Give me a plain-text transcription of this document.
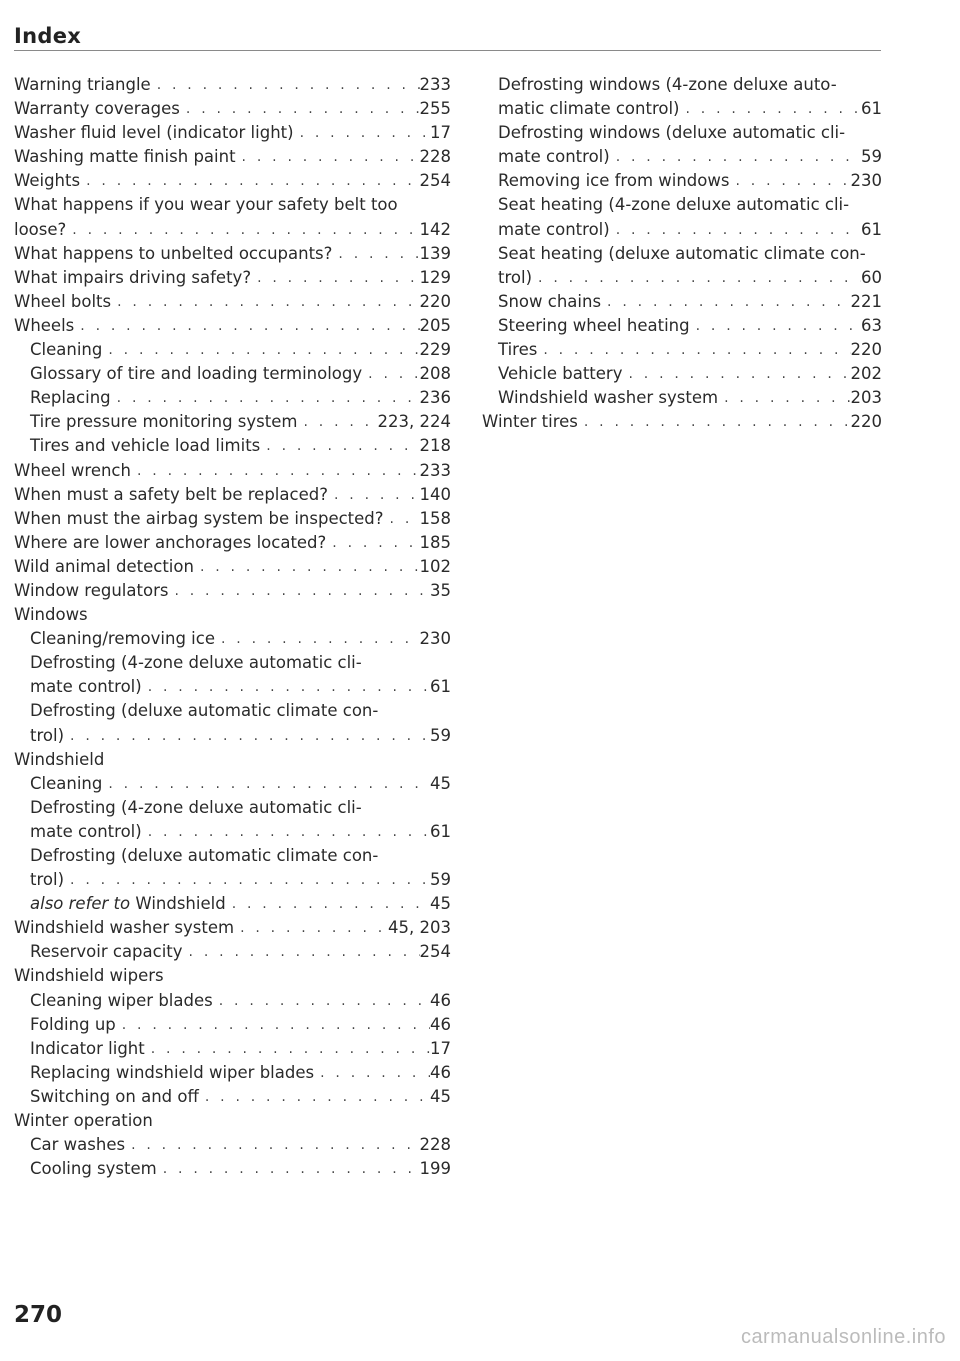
Index
Warning triangle . . .	233
Warranty coverages . . .	255
Washer fluid level (indicator light) . . .	17
Washing matte finish paint . . .	228
Weights . . .	254
What happens if you wear your safety belt too
loose? . . .	142
What happens to unbelted occupants? . . .	139
What impairs driving safety? . . .	129
Wheel bolts . . .	220
Wheels . . .	205
Cleaning . . .	229
Glossary of tire and loading terminology . . .	208
Replacing . . .	236
Tire pressure monitoring system . . .	223, 224
Tires and vehicle load limits . . .	218
Wheel wrench . . .	233
When must a safety belt be replaced? . . .	140
When must the airbag system be inspected? . . . 158
Where are lower anchorages located? . . .	185
Wild animal detection . . .	102
Window regulators . . .	35
Windows
Cleaning/removing ice . . .	230
Defrosting (4-zone deluxe automatic cli-
mate control) . . .	61
Defrosting (deluxe automatic climate con-
trol) . . .	59
Windshield
Cleaning . . .	45
Defrosting (4-zone deluxe automatic cli-
mate control) . . .	61
Defrosting (deluxe automatic climate con-
trol) . . .	59
also refer to Windshield . . .	45
Windshield washer system . . .	45, 203
Reservoir capacity . . .	254
Windshield wipers
Cleaning wiper blades . . .	46
Folding up . . .	46
Indicator light . . .	17
Replacing windshield wiper blades . . .	46
Switching on and off . . .	45
Winter operation
Car washes . . .	228
Cooling system . . .	199
Defrosting windows (4-zone deluxe auto-
matic climate control) . . .	61
Defrosting windows (deluxe automatic cli-
mate control) . . .	59
Removing ice from windows . . .	230
Seat heating (4-zone deluxe automatic cli-
mate control) . . .	61
Seat heating (deluxe automatic climate con-
trol) . . .	60
Snow chains . . .	221
Steering wheel heating . . .	63
Tires . . .	220
Vehicle battery . . .	202
Windshield washer system . . .	203
Winter tires . . .	220
270
carmanualsonline.info
